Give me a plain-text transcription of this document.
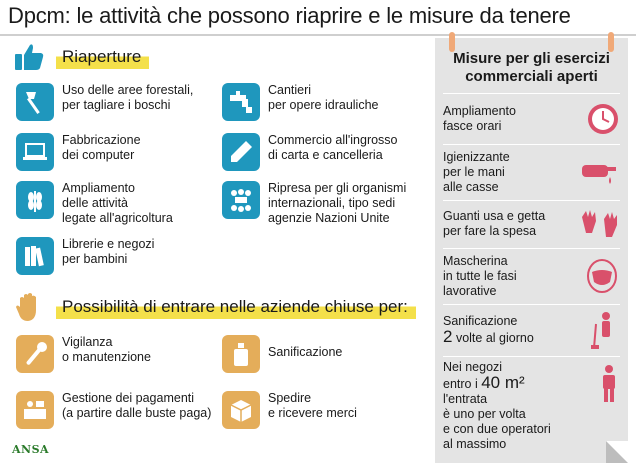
Dpcm: le attività che possono riaprire e le misure da tenere
Riaperture
Uso delle aree forestali,
per tagliare i boschi
Cantieri
per opere idrauliche
Fabbricazione
dei computer
Commercio all'ingrosso
di carta e cancelleria
Ampliamento
delle attività
legate all'agricoltura
Ripresa per gli organismi
internazionali, tipo sedi
agenzie Nazioni Unite
Librerie e negozi
per bambini
Possibilità di entrare nelle aziende chiuse per:
Vigilanza
o manutenzione	Sanificazione
Gestione dei pagamenti
(a partire dalle buste paga)
Spedire
e ricevere merci
Misure per gli esercizi
commerciali aperti
Ampliamento
fasce orari
Igienizzante
per le mani
alle casse
Guanti usa e getta
per fare la spesa
Mascherina
in tutte le fasi
lavorative
Sanificazione
2 volte al giorno
Nei negozi
entro i 40 m²
l'entrata
è uno per volta
e con due operatori
al massimo
ANSA
